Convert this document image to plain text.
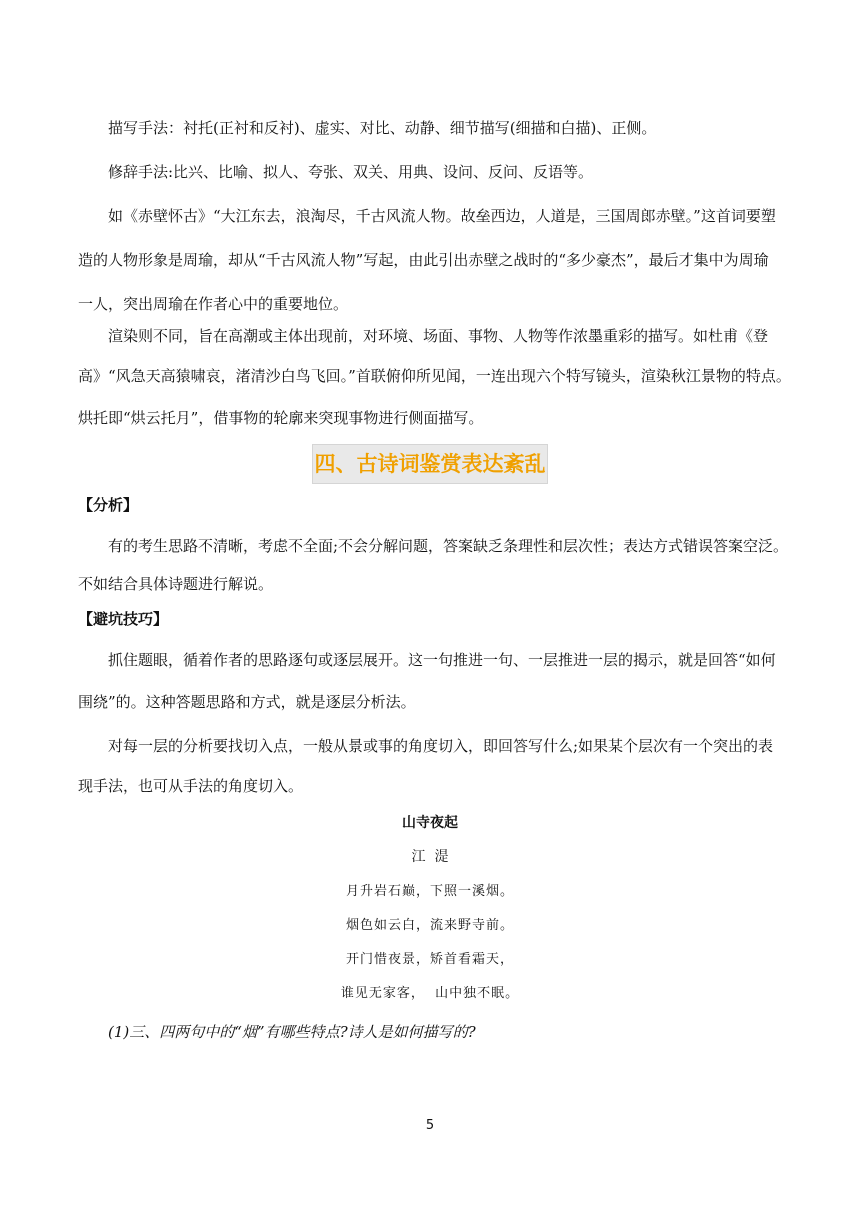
描写手法：衬托(正衬和反衬)、虚实、对比、动静、细节描写(细描和白描)、正侧。
修辞手法:比兴、比喻、拟人、夸张、双关、用典、设问、反问、反语等。
如《赤壁怀古》“大江东去，浪淘尽，千古风流人物。故垒西边，人道是，三国周郎赤壁。”这首词要塑
造的人物形象是周瑜，却从“千古风流人物”写起，由此引出赤壁之战时的“多少豪杰”，最后才集中为周瑜
一人，突出周瑜在作者心中的重要地位。
渲染则不同，旨在高潮或主体出现前，对环境、场面、事物、人物等作浓墨重彩的描写。如杜甫《登
高》“风急天高猿啸哀，渚清沙白鸟飞回。”首联俯仰所见闻，一连出现六个特写镜头，渲染秋江景物的特点。
烘托即“烘云托月”，借事物的轮廓来突现事物进行侧面描写。
四、古诗词鉴赏表达紊乱
【分析】
有的考生思路不清晰，考虑不全面;不会分解问题，答案缺乏条理性和层次性；表达方式错误答案空泛。
不如结合具体诗题进行解说。
【避坑技巧】
抓住题眼，循着作者的思路逐句或逐层展开。这一句推进一句、一层推进一层的揭示，就是回答“如何
围绕”的。这种答题思路和方式，就是逐层分析法。
对每一层的分析要找切入点，一般从景或事的角度切入，即回答写什么;如果某个层次有一个突出的表
现手法，也可从手法的角度切入。
山寺夜起
江  湜
月升岩石巅，下照一溪烟。
烟色如云白，流来野寺前。
开门惜夜景，矫首看霜天，
谁见无家客，  山中独不眠。
(1)三、四两句中的“烟”有哪些特点?诗人是如何描写的?
5
